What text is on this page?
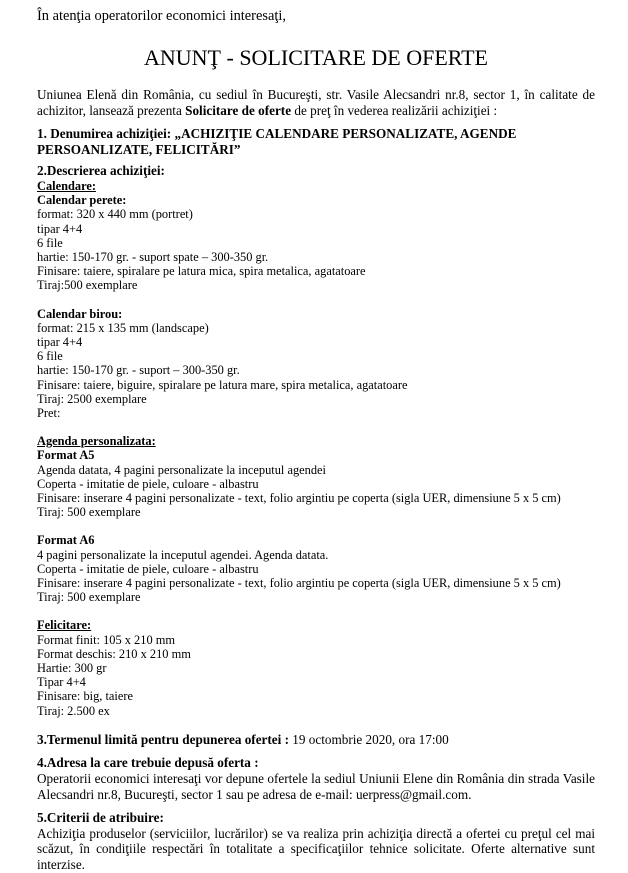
În atenţia operatorilor economici interesaţi,

ANUNŢ - SOLICITARE DE OFERTE

Uniunea Elenă din România, cu sediul în Bucureşti, str. Vasile Alecsandri nr.8, sector 1, în calitate de achizitor, lansează prezenta Solicitare de oferte de preţ în vederea realizării achiziţiei :

1. Denumirea achiziţiei: „ACHIZIŢIE CALENDARE PERSONALIZATE, AGENDE PERSOANLIZATE, FELICITĂRI”

2.Descrierea achiziţiei:

Calendare:

Calendar perete:

format: 320 x 440 mm (portret)

tipar 4+4

6 file

hartie: 150-170 gr. - suport spate – 300-350 gr.

Finisare: taiere, spiralare pe latura mica, spira metalica, agatatoare

Tiraj:500 exemplare

Calendar birou:

format: 215 x 135 mm (landscape)

tipar 4+4

6 file

hartie: 150-170 gr. - suport – 300-350 gr.

Finisare: taiere, biguire, spiralare pe latura mare, spira metalica, agatatoare

Tiraj: 2500 exemplare

Pret:

Agenda personalizata:

Format A5

Agenda datata, 4 pagini personalizate la inceputul agendei

Coperta - imitatie de piele, culoare - albastru

Finisare: inserare 4 pagini personalizate - text, folio argintiu pe coperta (sigla UER, dimensiune 5 x 5 cm)

Tiraj: 500 exemplare

Format A6

4 pagini personalizate la inceputul agendei. Agenda datata.

Coperta - imitatie de piele, culoare - albastru

Finisare: inserare 4 pagini personalizate - text, folio argintiu pe coperta (sigla UER, dimensiune 5 x 5 cm)

Tiraj: 500 exemplare

Felicitare:

Format finit: 105 x 210 mm

Format deschis: 210 x 210 mm

Hartie: 300 gr

Tipar 4+4

Finisare: big, taiere

Tiraj: 2.500 ex

3.Termenul limită pentru depunerea ofertei : 19 octombrie 2020, ora 17:00

4.Adresa la care trebuie depusă oferta :

Operatorii economici interesaţi vor depune ofertele la sediul Uniunii Elene din România din strada Vasile Alecsandri nr.8, Bucureşti, sector 1 sau pe adresa de e-mail: uerpress@gmail.com.

5.Criterii de atribuire:

Achiziţia produselor (serviciilor, lucrărilor) se va realiza prin achiziţia directă a ofertei cu preţul cel mai scăzut, în condiţiile respectări în totalitate a specificaţiilor tehnice solicitate. Oferte alternative sunt interzise.
